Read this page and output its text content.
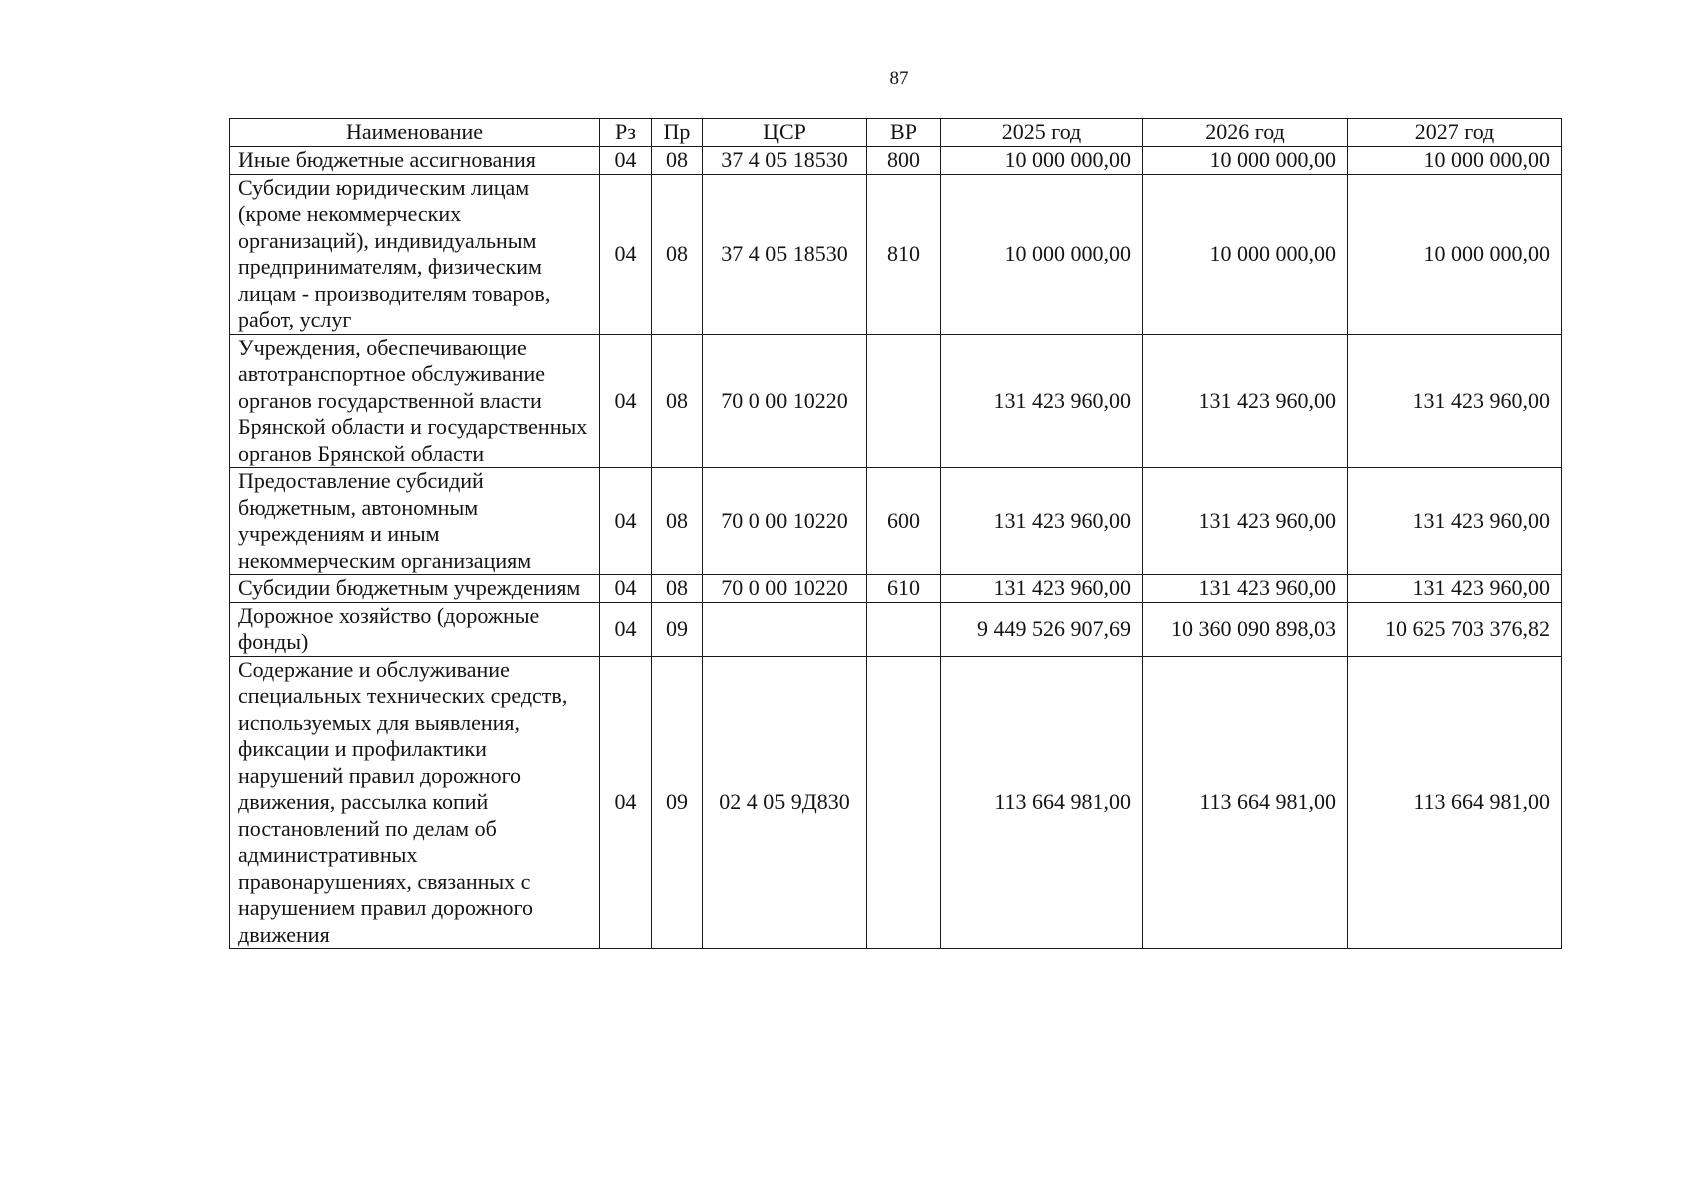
87
Наименование	Рз	Пр	ЦСР	ВР	2025 год	2026 год	2027 год
Иные бюджетные ассигнования	04	08	37 4 05 18530	800	10 000 000,00	10 000 000,00	10 000 000,00
Субсидии юридическим лицам (кроме некоммерческих организаций), индивидуальным предпринимателям, физическим лицам - производителям товаров, работ, услуг	04	08	37 4 05 18530	810	10 000 000,00	10 000 000,00	10 000 000,00
Учреждения, обеспечивающие автотранспортное обслуживание органов государственной власти Брянской области и государственных органов Брянской области	04	08	70 0 00 10220		131 423 960,00	131 423 960,00	131 423 960,00
Предоставление субсидий бюджетным, автономным учреждениям и иным некоммерческим организациям	04	08	70 0 00 10220	600	131 423 960,00	131 423 960,00	131 423 960,00
Субсидии бюджетным учреждениям	04	08	70 0 00 10220	610	131 423 960,00	131 423 960,00	131 423 960,00
Дорожное хозяйство (дорожные фонды)	04	09			9 449 526 907,69	10 360 090 898,03	10 625 703 376,82
Содержание и обслуживание специальных технических средств, используемых для выявления, фиксации и профилактики нарушений правил дорожного движения, рассылка копий постановлений по делам об административных правонарушениях, связанных с нарушением правил дорожного движения	04	09	02 4 05 9Д830		113 664 981,00	113 664 981,00	113 664 981,00
